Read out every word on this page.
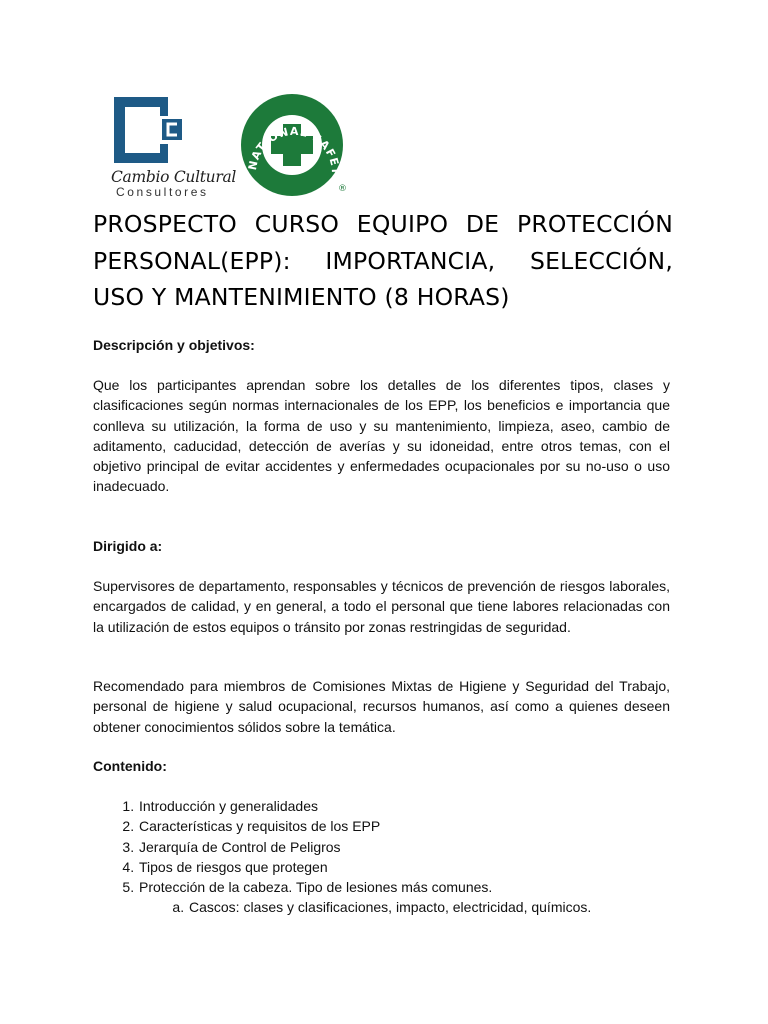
Cambio Cultural
Consultores
NATIONAL SAFET
®
PROSPECTO CURSO EQUIPO DE PROTECCIÓN PERSONAL(EPP): IMPORTANCIA, SELECCIÓN, USO Y MANTENIMIENTO (8 HORAS)
Descripción y objetivos:
Que los participantes aprendan sobre los detalles de los diferentes tipos, clases y clasificaciones según normas internacionales de los EPP, los beneficios e importancia que conlleva su utilización, la forma de uso y su mantenimiento, limpieza, aseo, cambio de aditamento, caducidad, detección de averías y su idoneidad, entre otros temas, con el objetivo principal de evitar accidentes y enfermedades ocupacionales por su no-uso o uso inadecuado.
Dirigido a:
Supervisores de departamento, responsables y técnicos de prevención de riesgos laborales, encargados de calidad, y en general, a todo el personal que tiene labores relacionadas con la utilización de estos equipos o tránsito por zonas restringidas de seguridad.
Recomendado para miembros de Comisiones Mixtas de Higiene y Seguridad del Trabajo, personal de higiene y salud ocupacional, recursos humanos, así como a quienes deseen obtener conocimientos sólidos sobre la temática.
Contenido:
1. Introducción y generalidades
2. Características y requisitos de los EPP
3. Jerarquía de Control de Peligros
4. Tipos de riesgos que protegen
5. Protección de la cabeza. Tipo de lesiones más comunes.
a. Cascos: clases y clasificaciones, impacto, electricidad, químicos.
